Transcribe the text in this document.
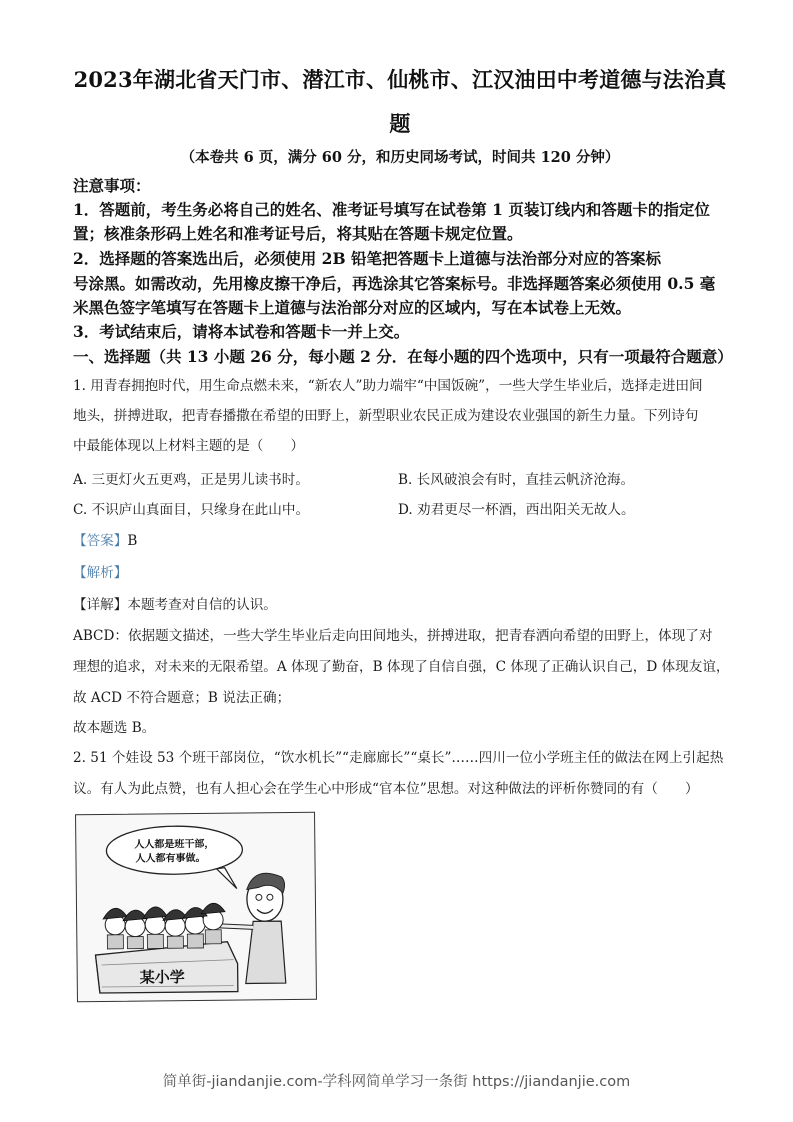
2023年湖北省天门市、潜江市、仙桃市、江汉油田中考道德与法治真
题
（本卷共 6 页，满分 60 分，和历史同场考试，时间共 120 分钟）
注意事项：
1．答题前，考生务必将自己的姓名、准考证号填写在试卷第 1 页装订线内和答题卡的指定位
置；核准条形码上姓名和准考证号后，将其贴在答题卡规定位置。
2．选择题的答案选出后，必须使用 2B 铅笔把答题卡上道德与法治部分对应的答案标
号涂黑。如需改动，先用橡皮擦干净后，再选涂其它答案标号。非选择题答案必须使用 0.5 毫
米黑色签字笔填写在答题卡上道德与法治部分对应的区域内，写在本试卷上无效。
3．考试结束后，请将本试卷和答题卡一并上交。
一、选择题（共 13 小题 26 分，每小题 2 分．在每小题的四个选项中，只有一项最符合题意）
1. 用青春拥抱时代，用生命点燃未来，“新农人”助力端牢“中国饭碗”，一些大学生毕业后，选择走进田间
地头，拼搏进取，把青春播撒在希望的田野上，新型职业农民正成为建设农业强国的新生力量。下列诗句
中最能体现以上材料主题的是（　　）
A. 三更灯火五更鸡，正是男儿读书时。	B. 长风破浪会有时，直挂云帆济沧海。
C. 不识庐山真面目，只缘身在此山中。	D. 劝君更尽一杯酒，西出阳关无故人。
【答案】B
【解析】
【详解】本题考查对自信的认识。
ABCD：依据题文描述，一些大学生毕业后走向田间地头，拼搏进取，把青春洒向希望的田野上，体现了对
理想的追求，对未来的无限希望。A 体现了勤奋，B 体现了自信自强，C 体现了正确认识自己，D 体现友谊，
故 ACD 不符合题意；B 说法正确；
故本题选 B。
2. 51 个娃设 53 个班干部岗位，“饮水机长”“走廊廊长”“桌长”……四川一位小学班主任的做法在网上引起热
议。有人为此点赞，也有人担心会在学生心中形成“官本位”思想。对这种做法的评析你赞同的有（　　）
人人都是班干部，
人人都有事做。
某小学
简单街-jiandanjie.com-学科网简单学习一条街 https://jiandanjie.com
